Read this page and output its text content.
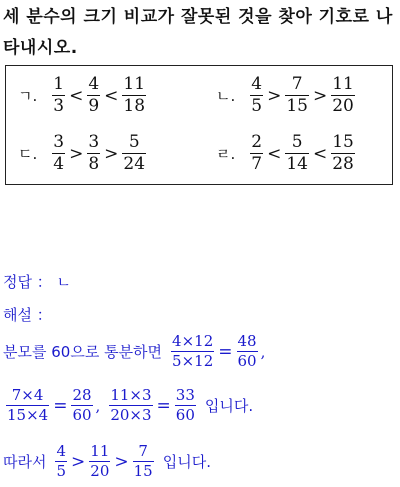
세 분수의 크기 비교가 잘못된 것을 찾아 기호로 나
타내시오.
ㄱ. $\frac{1}{3} < \frac{4}{9} < \frac{11}{18}$	ㄴ. $\frac{4}{5} > \frac{7}{15} > \frac{11}{20}$
ㄷ. $\frac{3}{4} > \frac{3}{8} > \frac{5}{24}$	ㄹ. $\frac{2}{7} < \frac{5}{14} < \frac{15}{28}$
정답 ： ㄴ
해설 ：
분모를 60으로 통분하면 $\frac{4\times 12}{5\times 12} = \frac{48}{60}$ ,
$\frac{7\times 4}{15\times 4} = \frac{28}{60}$ , $\frac{11\times 3}{20\times 3} = \frac{33}{60}$ 입니다.
따라서 $\frac{4}{5} > \frac{11}{20} > \frac{7}{15}$ 입니다.
